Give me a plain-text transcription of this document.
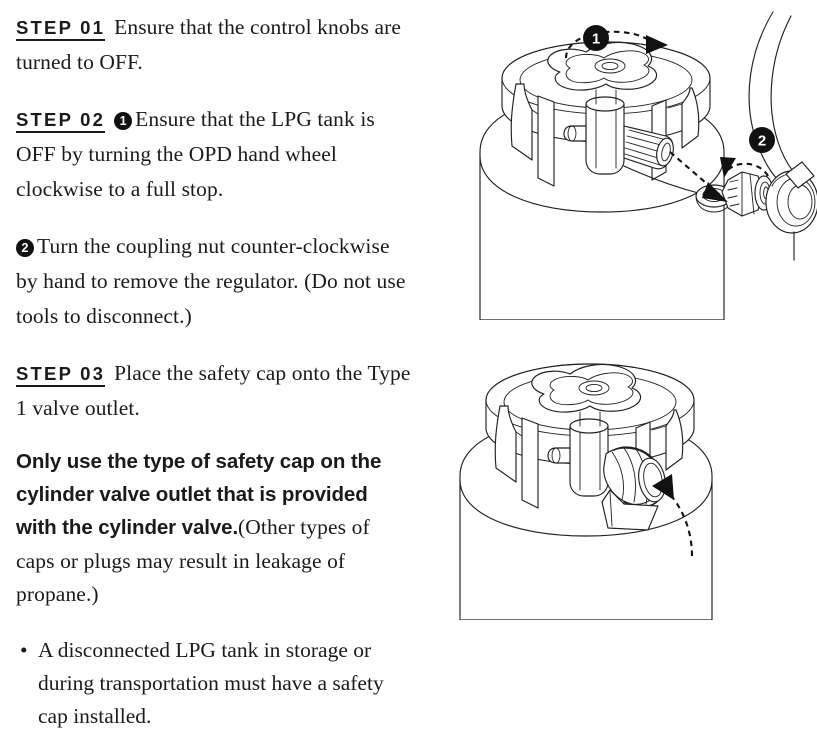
STEP 01 Ensure that the control knobs are turned to OFF.

STEP 02 1 Ensure that the LPG tank is OFF by turning the OPD hand wheel clockwise to a full stop.

2 Turn the coupling nut counter-clockwise by hand to remove the regulator. (Do not use tools to disconnect.)

STEP 03 Place the safety cap onto the Type 1 valve outlet.

Only use the type of safety cap on the cylinder valve outlet that is provided with the cylinder valve.(Other types of caps or plugs may result in leakage of propane.)

• A disconnected LPG tank in storage or during transportation must have a safety cap installed.
1
2
